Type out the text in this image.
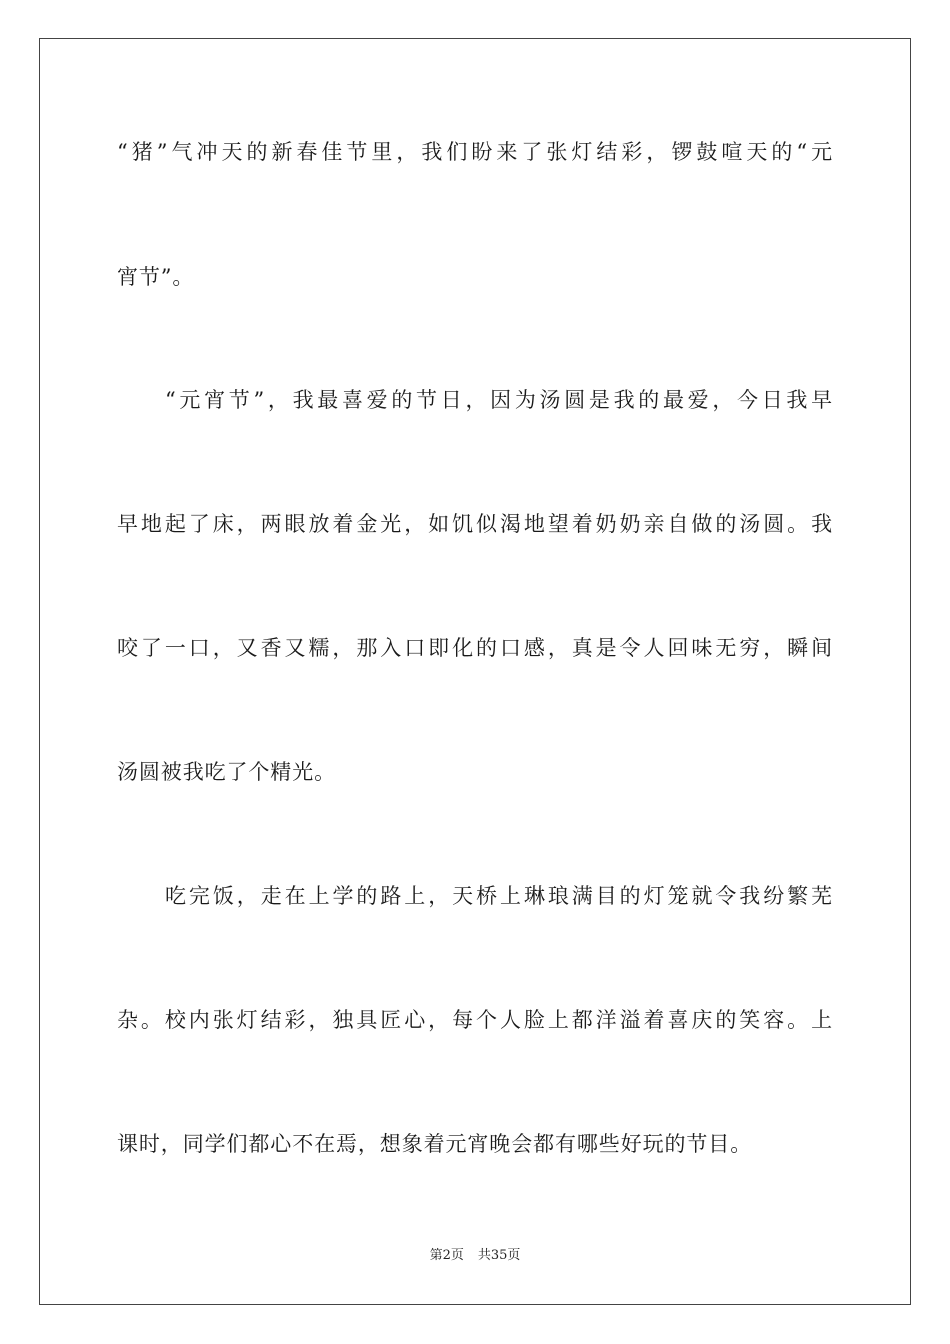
“猪”气冲天的新春佳节里，我们盼来了张灯结彩，锣鼓喧天的“元
宵节”。
“元宵节”，我最喜爱的节日，因为汤圆是我的最爱，今日我早
早地起了床，两眼放着金光，如饥似渴地望着奶奶亲自做的汤圆。我
咬了一口，又香又糯，那入口即化的口感，真是令人回味无穷，瞬间
汤圆被我吃了个精光。
吃完饭，走在上学的路上，天桥上琳琅满目的灯笼就令我纷繁芜
杂。校内张灯结彩，独具匠心，每个人脸上都洋溢着喜庆的笑容。上
课时，同学们都心不在焉，想象着元宵晚会都有哪些好玩的节目。
第2页 共35页
